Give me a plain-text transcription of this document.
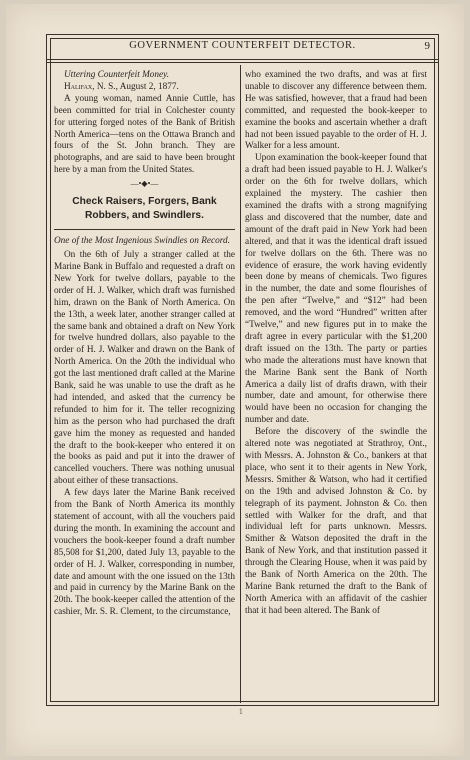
GOVERNMENT COUNTERFEIT DETECTOR.	9

Uttering Counterfeit Money.

Halifax, N. S., August 2, 1877.

A young woman, named Annie Cuttle, has been committed for trial in Colchester county for uttering forged notes of the Bank of British North America—tens on the Ottawa Branch and fours of the St. John branch. They are photographs, and are said to have been brought here by a man from the United States.

—•◆•—
Check Raisers, Forgers, Bank Robbers, and Swindlers.

One of the Most Ingenious Swindles on Record.

On the 6th of July a stranger called at the Marine Bank in Buffalo and requested a draft on New York for twelve dollars, payable to the order of H. J. Walker, which draft was furnished him, drawn on the Bank of North America. On the 13th, a week later, another stranger called at the same bank and obtained a draft on New York for twelve hundred dollars, also payable to the order of H. J. Walker and drawn on the Bank of North America. On the 20th the individual who got the last mentioned draft called at the Marine Bank, said he was unable to use the draft as he had intended, and asked that the currency be refunded to him for it. The teller recognizing him as the person who had purchased the draft gave him the money as requested and handed the draft to the book-keeper who entered it on the books as paid and put it into the drawer of cancelled vouchers. There was nothing unusual about either of these transactions.

A few days later the Marine Bank received from the Bank of North America its monthly statement of account, with all the vouchers paid during the month. In examining the account and vouchers the book-keeper found a draft number 85,508 for $1,200, dated July 13, payable to the order of H. J. Walker, corresponding in number, date and amount with the one issued on the 13th and paid in currency by the Marine Bank on the 20th. The book-keeper called the attention of the cashier, Mr. S. R. Clement, to the circumstance,

who examined the two drafts, and was at first unable to discover any difference between them. He was satisfied, however, that a fraud had been committed, and requested the book-keeper to examine the books and ascertain whether a draft had not been issued payable to the order of H. J. Walker for a less amount.

Upon examination the book-keeper found that a draft had been issued payable to H. J. Walker's order on the 6th for twelve dollars, which explained the mystery. The cashier then examined the drafts with a strong magnifying glass and discovered that the number, date and amount of the draft paid in New York had been altered, and that it was the identical draft issued for twelve dollars on the 6th. There was no evidence of erasure, the work having evidently been done by means of chemicals. Two figures in the number, the date and some flourishes of the pen after “Twelve,” and “$12” had been removed, and the word “Hundred” written after “Twelve,” and new figures put in to make the draft agree in every particular with the $1,200 draft issued on the 13th. The party or parties who made the alterations must have known that the Marine Bank sent the Bank of North America a daily list of drafts drawn, with their number, date and amount, for otherwise there would have been no occasion for changing the number and date.

Before the discovery of the swindle the altered note was negotiated at Strathroy, Ont., with Messrs. A. Johnston & Co., bankers at that place, who sent it to their agents in New York, Messrs. Smither & Watson, who had it certified on the 19th and advised Johnston & Co. by telegraph of its payment. Johnston & Co. then settled with Walker for the draft, and that individual left for parts unknown. Messrs. Smither & Watson deposited the draft in the Bank of New York, and that institution passed it through the Clearing House, when it was paid by the Bank of North America on the 20th. The Marine Bank returned the draft to the Bank of North America with an affidavit of the cashier that it had been altered. The Bank of

1
